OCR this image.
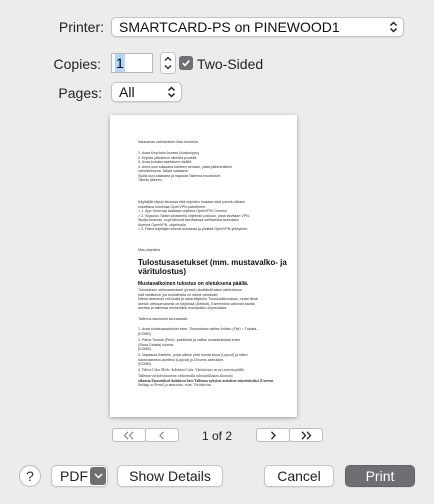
Printer:	SMARTCARD-PS on PINEWOOD1
Copies:	1	Two-Sided
Pages:	All
Salasanan vaihtaminen Mac-koneella
1. Avaa Keychain Access (Avainnippu)
2. Kirjoita ylävalikon oikealla puolella
3. Avaa kohdan asetuksen sisällä
4. Anna uusi salasana kahteen kertaan, joista jälkimmäinen
vahvistuksena. Näytä salasana.
Syötä uusi salasana ja napauta Tallenna muutokset
Tämän jälkeen
Käyttäjille täysin tiedossa että ohjeiden mukaan eikä palvelu alkaen
kokeiltava toimintaa OpenVPN-palvelimen:
> 1. Äpp Store:sta ladataan ohjelma OpenVPN Connect
> 2. Kirjautuu Safari-selaimella ohjelman polkuun, josta tarvitaan VPN-
Studio-tiedosto, sopii lähinnä tarvittaessa valittavissa asetuksiin
Asenna OpenVPN -ohjelmalla
> 3. Paina käyttäjän tunnus kohdasta ja yhdistä OpenVPN-yhteyteen.
Mac-ohjeistus
Tulostusasetukset (mm. mustavalko- ja väritulostus)
Mustavalkoinen tulostus on oletuksena päällä.
Tulostuksen oletusasetukset (preset) sisältävät kaksi vaihtoehtoa,
että värillisesti, jos tulostimella on nämä valmiudet.
Nämä asetukset voit lisätä ja ottaa käyttöön Tulostusikkunassa, mutta tämä
asetus oletusarvoisesti on käytössä (Default). Esimerkiksi valinnan kautta
asettaa ja tallentaa esimerkiksi mustavalko-ohjeistuksia.
Tallenna asetukset seuraavasti:
1. Avaa tulostusasetukset esim. Tiedostossa valitse Arkisto (File) > Tulosta...
(KOMB).
2. Paina Tulosta (Print) -painiketta ja valitse esiasetuksista ensin
(Show Details) tulosta.
(KOMB).
3. Napsauta Asettelu, josta valitse yhtä monta sivua (Layout) ja sitten
tulostusasetus Asettelu (Layout) ja Chrome-asetukset.
(KOMB).
4. Valitse Color Mode -kohdasta Color. Väritulostus on nyt asetettu päälle.
Tallenna väritulostusasetus valitsemalla tulostusikkunan alaosasta
oikeasta Esiasetukset-kohdasta Save Tallenna nykyiset asetukset esiasetukseksi (Current
Settings as Preset) ja anna nimi, esim. Väritulostus.
1 of 2
?	PDF	Show Details	Cancel	Print
